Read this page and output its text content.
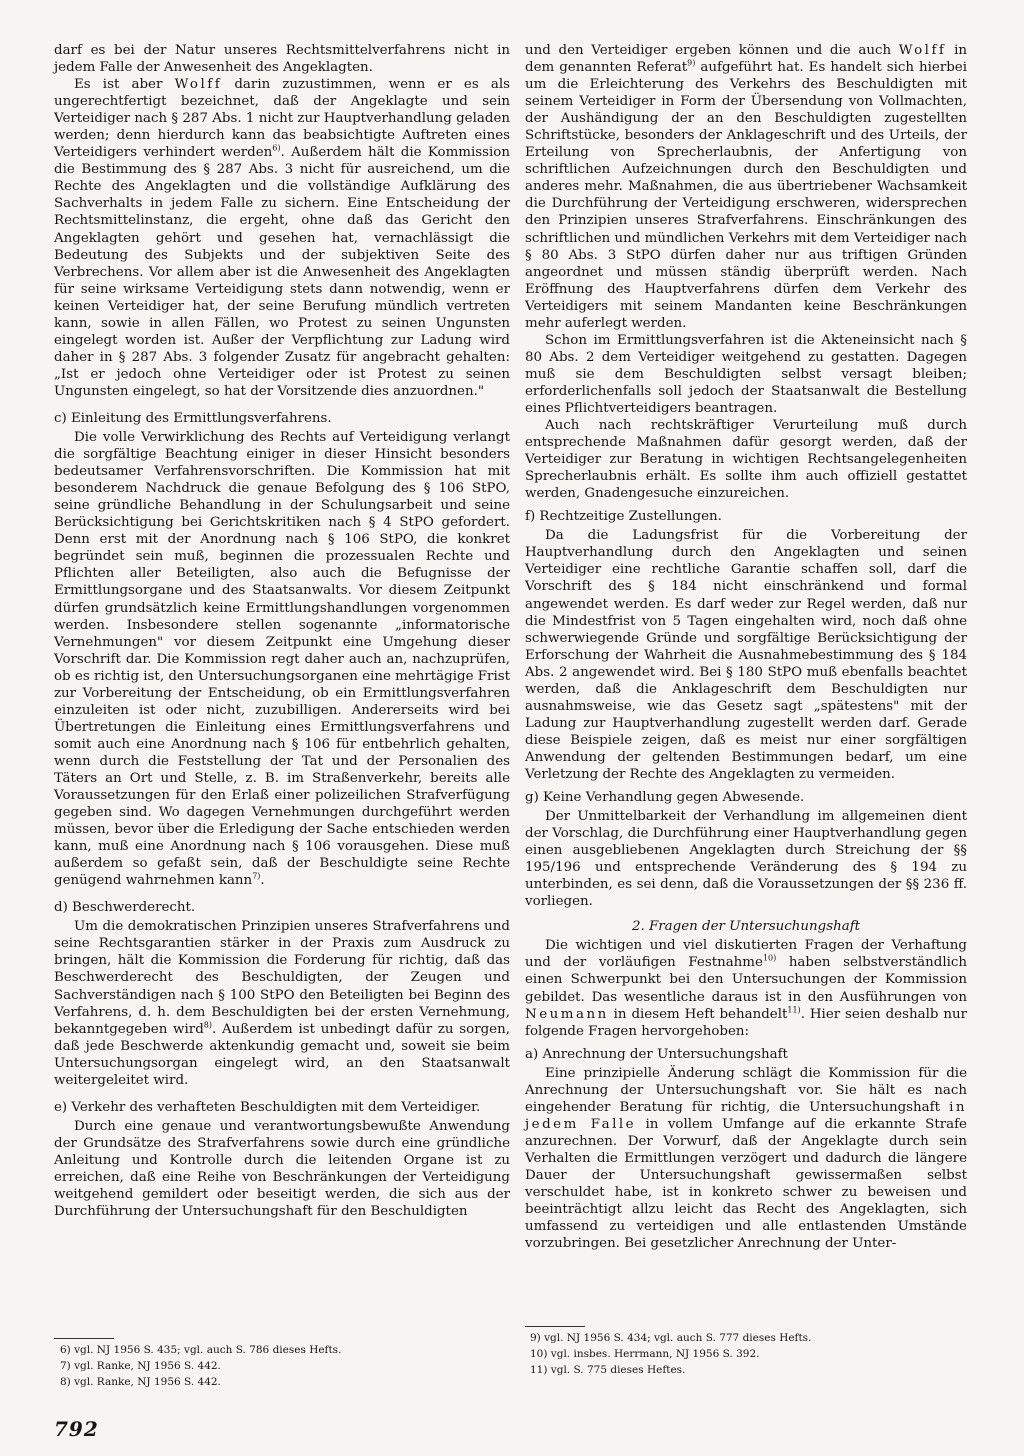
darf es bei der Natur unseres Rechtsmittelverfahrens nicht in jedem Falle der Anwesenheit des Angeklagten.

Es ist aber Wolff darin zuzustimmen, wenn er es als ungerechtfertigt bezeichnet, daß der Angeklagte und sein Verteidiger nach § 287 Abs. 1 nicht zur Hauptverhandlung geladen werden; denn hierdurch kann das beabsichtigte Auftreten eines Verteidigers verhindert werden$^{6)}$. Außerdem hält die Kommission die Bestimmung des § 287 Abs. 3 nicht für ausreichend, um die Rechte des Angeklagten und die vollständige Aufklärung des Sachverhalts in jedem Falle zu sichern. Eine Entscheidung der Rechtsmittelinstanz, die ergeht, ohne daß das Gericht den Angeklagten gehört und gesehen hat, vernachlässigt die Bedeutung des Subjekts und der subjektiven Seite des Verbrechens. Vor allem aber ist die Anwesenheit des Angeklagten für seine wirksame Verteidigung stets dann notwendig, wenn er keinen Verteidiger hat, der seine Berufung mündlich vertreten kann, sowie in allen Fällen, wo Protest zu seinen Ungunsten eingelegt worden ist. Außer der Verpflichtung zur Ladung wird daher in § 287 Abs. 3 folgender Zusatz für angebracht gehalten: „Ist er jedoch ohne Verteidiger oder ist Protest zu seinen Ungunsten eingelegt, so hat der Vorsitzende dies anzuordnen."

c) Einleitung des Ermittlungsverfahrens.

Die volle Verwirklichung des Rechts auf Verteidigung verlangt die sorgfältige Beachtung einiger in dieser Hinsicht besonders bedeutsamer Verfahrensvorschriften. Die Kommission hat mit besonderem Nachdruck die genaue Befolgung des § 106 StPO, seine gründliche Behandlung in der Schulungsarbeit und seine Berücksichtigung bei Gerichtskritiken nach § 4 StPO gefordert. Denn erst mit der Anordnung nach § 106 StPO, die konkret begründet sein muß, beginnen die prozessualen Rechte und Pflichten aller Beteiligten, also auch die Befugnisse der Ermittlungsorgane und des Staatsanwalts. Vor diesem Zeitpunkt dürfen grundsätzlich keine Ermittlungshandlungen vorgenommen werden. Insbesondere stellen sogenannte „informatorische Vernehmungen" vor diesem Zeitpunkt eine Umgehung dieser Vorschrift dar. Die Kommission regt daher auch an, nachzuprüfen, ob es richtig ist, den Untersuchungsorganen eine mehrtägige Frist zur Vorbereitung der Entscheidung, ob ein Ermittlungsverfahren einzuleiten ist oder nicht, zuzubilligen. Andererseits wird bei Übertretungen die Einleitung eines Ermittlungsverfahrens und somit auch eine Anordnung nach § 106 für entbehrlich gehalten, wenn durch die Feststellung der Tat und der Personalien des Täters an Ort und Stelle, z. B. im Straßenverkehr, bereits alle Voraussetzungen für den Erlaß einer polizeilichen Strafverfügung gegeben sind. Wo dagegen Vernehmungen durchgeführt werden müssen, bevor über die Erledigung der Sache entschieden werden kann, muß eine Anordnung nach § 106 vorausgehen. Diese muß außerdem so gefaßt sein, daß der Beschuldigte seine Rechte genügend wahrnehmen kann$^{7)}$.

d) Beschwerderecht.

Um die demokratischen Prinzipien unseres Strafverfahrens und seine Rechtsgarantien stärker in der Praxis zum Ausdruck zu bringen, hält die Kommission die Forderung für richtig, daß das Beschwerderecht des Beschuldigten, der Zeugen und Sachverständigen nach § 100 StPO den Beteiligten bei Beginn des Verfahrens, d. h. dem Beschuldigten bei der ersten Vernehmung, bekanntgegeben wird$^{8)}$. Außerdem ist unbedingt dafür zu sorgen, daß jede Beschwerde aktenkundig gemacht und, soweit sie beim Untersuchungsorgan eingelegt wird, an den Staatsanwalt weitergeleitet wird.

e) Verkehr des verhafteten Beschuldigten mit dem Verteidiger.

Durch eine genaue und verantwortungsbewußte Anwendung der Grundsätze des Strafverfahrens sowie durch eine gründliche Anleitung und Kontrolle durch die leitenden Organe ist zu erreichen, daß eine Reihe von Beschränkungen der Verteidigung weitgehend gemildert oder beseitigt werden, die sich aus der Durchführung der Untersuchungshaft für den Beschuldigten

und den Verteidiger ergeben können und die auch Wolff in dem genannten Referat$^{9)}$ aufgeführt hat. Es handelt sich hierbei um die Erleichterung des Verkehrs des Beschuldigten mit seinem Verteidiger in Form der Übersendung von Vollmachten, der Aushändigung der an den Beschuldigten zugestellten Schriftstücke, besonders der Anklageschrift und des Urteils, der Erteilung von Sprecherlaubnis, der Anfertigung von schriftlichen Aufzeichnungen durch den Beschuldigten und anderes mehr. Maßnahmen, die aus übertriebener Wachsamkeit die Durchführung der Verteidigung erschweren, widersprechen den Prinzipien unseres Strafverfahrens. Einschränkungen des schriftlichen und mündlichen Verkehrs mit dem Verteidiger nach § 80 Abs. 3 StPO dürfen daher nur aus triftigen Gründen angeordnet und müssen ständig überprüft werden. Nach Eröffnung des Hauptverfahrens dürfen dem Verkehr des Verteidigers mit seinem Mandanten keine Beschränkungen mehr auferlegt werden.

Schon im Ermittlungsverfahren ist die Akteneinsicht nach § 80 Abs. 2 dem Verteidiger weitgehend zu gestatten. Dagegen muß sie dem Beschuldigten selbst versagt bleiben; erforderlichenfalls soll jedoch der Staatsanwalt die Bestellung eines Pflichtverteidigers beantragen.

Auch nach rechtskräftiger Verurteilung muß durch entsprechende Maßnahmen dafür gesorgt werden, daß der Verteidiger zur Beratung in wichtigen Rechtsangelegenheiten Sprecherlaubnis erhält. Es sollte ihm auch offiziell gestattet werden, Gnadengesuche einzureichen.

f) Rechtzeitige Zustellungen.

Da die Ladungsfrist für die Vorbereitung der Hauptverhandlung durch den Angeklagten und seinen Verteidiger eine rechtliche Garantie schaffen soll, darf die Vorschrift des § 184 nicht einschränkend und formal angewendet werden. Es darf weder zur Regel werden, daß nur die Mindestfrist von 5 Tagen eingehalten wird, noch daß ohne schwerwiegende Gründe und sorgfältige Berücksichtigung der Erforschung der Wahrheit die Ausnahmebestimmung des § 184 Abs. 2 angewendet wird. Bei § 180 StPO muß ebenfalls beachtet werden, daß die Anklageschrift dem Beschuldigten nur ausnahmsweise, wie das Gesetz sagt „spätestens" mit der Ladung zur Hauptverhandlung zugestellt werden darf. Gerade diese Beispiele zeigen, daß es meist nur einer sorgfältigen Anwendung der geltenden Bestimmungen bedarf, um eine Verletzung der Rechte des Angeklagten zu vermeiden.

g) Keine Verhandlung gegen Abwesende.

Der Unmittelbarkeit der Verhandlung im allgemeinen dient der Vorschlag, die Durchführung einer Hauptverhandlung gegen einen ausgebliebenen Angeklagten durch Streichung der §§ 195/196 und entsprechende Veränderung des § 194 zu unterbinden, es sei denn, daß die Voraussetzungen der §§ 236 ff. vorliegen.

2. Fragen der Untersuchungshaft

Die wichtigen und viel diskutierten Fragen der Verhaftung und der vorläufigen Festnahme$^{10)}$ haben selbstverständlich einen Schwerpunkt bei den Untersuchungen der Kommission gebildet. Das wesentliche daraus ist in den Ausführungen von Neumann in diesem Heft behandelt$^{11)}$. Hier seien deshalb nur folgende Fragen hervorgehoben:

a) Anrechnung der Untersuchungshaft

Eine prinzipielle Änderung schlägt die Kommission für die Anrechnung der Untersuchungshaft vor. Sie hält es nach eingehender Beratung für richtig, die Untersuchungshaft in jedem Falle in vollem Umfange auf die erkannte Strafe anzurechnen. Der Vorwurf, daß der Angeklagte durch sein Verhalten die Ermittlungen verzögert und dadurch die längere Dauer der Untersuchungshaft gewissermaßen selbst verschuldet habe, ist in konkreto schwer zu beweisen und beeinträchtigt allzu leicht das Recht des Angeklagten, sich umfassend zu verteidigen und alle entlastenden Umstände vorzubringen. Bei gesetzlicher Anrechnung der Unter-

6) vgl. NJ 1956 S. 435; vgl. auch S. 786 dieses Hefts.
7) vgl. Ranke, NJ 1956 S. 442.
8) vgl. Ranke, NJ 1956 S. 442.
9) vgl. NJ 1956 S. 434; vgl. auch S. 777 dieses Hefts.
10) vgl. insbes. Herrmann, NJ 1956 S. 392.
11) vgl. S. 775 dieses Heftes.
792
